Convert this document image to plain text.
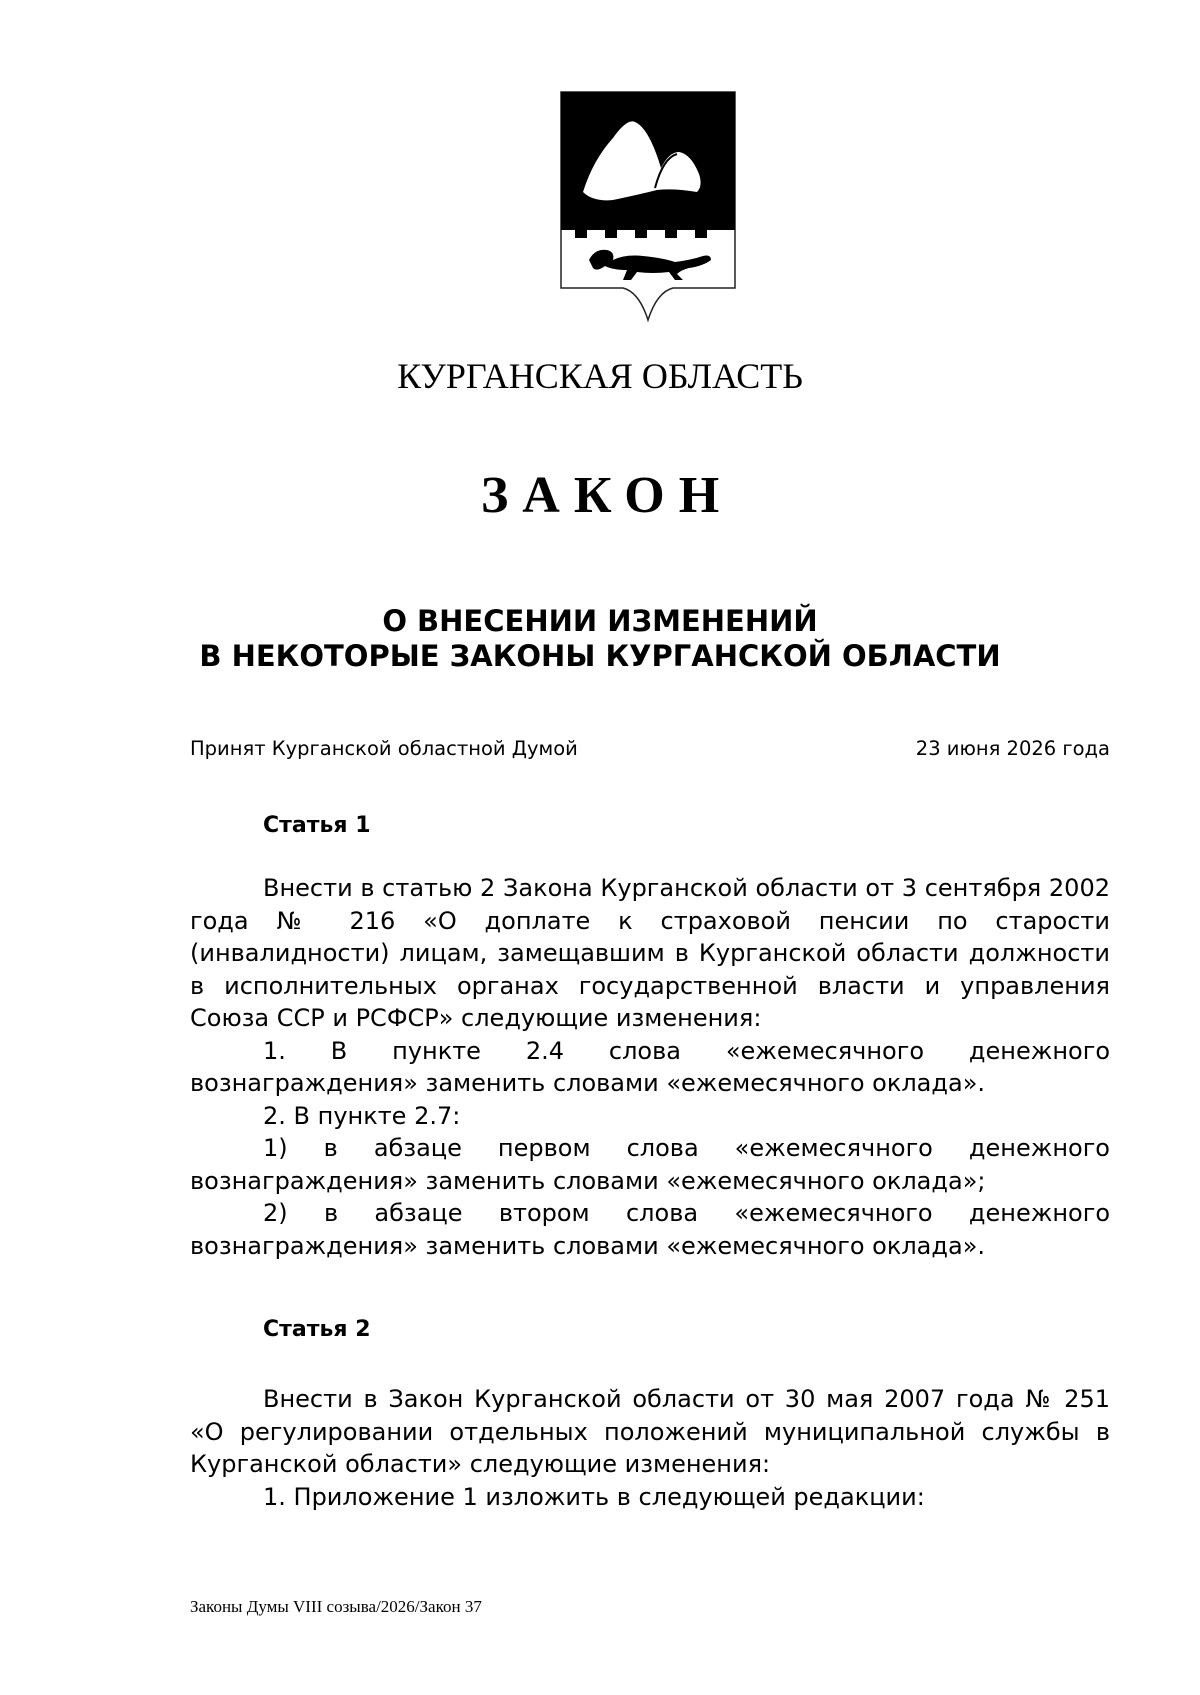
КУРГАНСКАЯ ОБЛАСТЬ
ЗАКОН
О ВНЕСЕНИИ ИЗМЕНЕНИЙ
В НЕКОТОРЫЕ ЗАКОНЫ КУРГАНСКОЙ ОБЛАСТИ
Принят Курганской областной Думой	23 июня 2026 года
Статья 1

Внести в статью 2 Закона Курганской области от 3 сентября 2002 года № 216 «О доплате к страховой пенсии по старости (инвалидности) лицам, замещавшим в Курганской области должности в исполнительных органах государственной власти и управления Союза ССР и РСФСР» следующие изменения:

1. В пункте 2.4 слова «ежемесячного денежного вознаграждения» заменить словами «ежемесячного оклада».

2. В пункте 2.7:

1) в абзаце первом слова «ежемесячного денежного вознаграждения» заменить словами «ежемесячного оклада»;

2) в абзаце втором слова «ежемесячного денежного вознаграждения» заменить словами «ежемесячного оклада».

Статья 2

Внести в Закон Курганской области от 30 мая 2007 года № 251 «О регулировании отдельных положений муниципальной службы в Курганской области» следующие изменения:

1. Приложение 1 изложить в следующей редакции:

Законы Думы VIII созыва/2026/Закон 37
